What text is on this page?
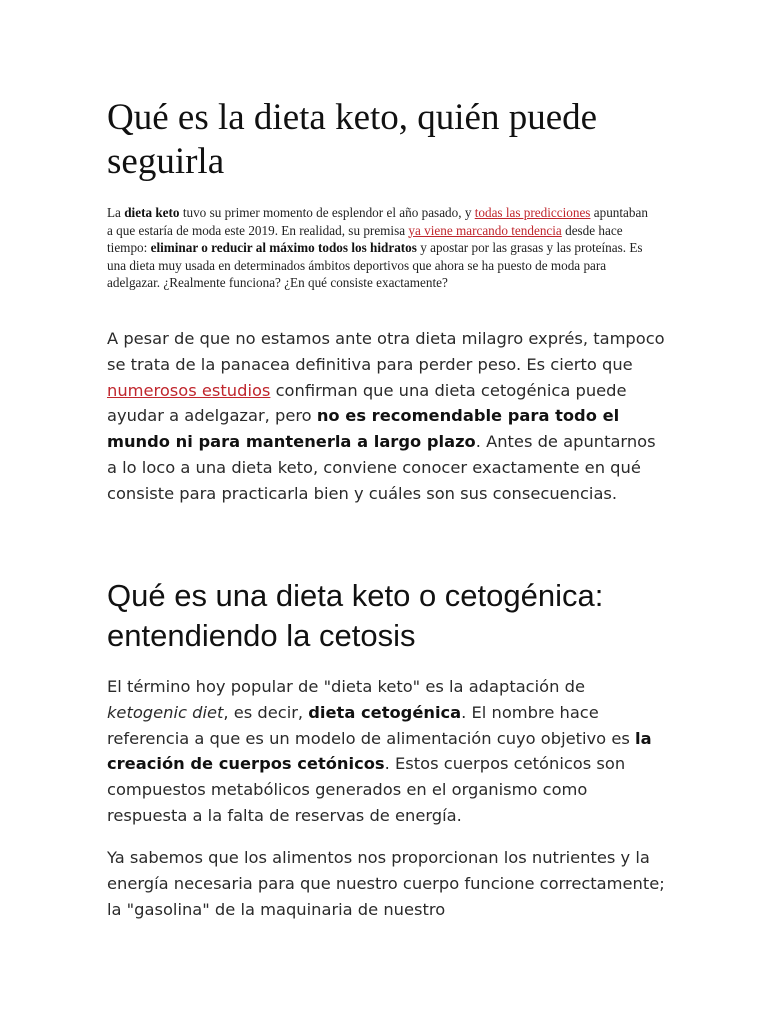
Qué es la dieta keto, quién puede seguirla

La dieta keto tuvo su primer momento de esplendor el año pasado, y todas las predicciones apuntaban a que estaría de moda este 2019. En realidad, su premisa ya viene marcando tendencia desde hace tiempo: eliminar o reducir al máximo todos los hidratos y apostar por las grasas y las proteínas. Es una dieta muy usada en determinados ámbitos deportivos que ahora se ha puesto de moda para adelgazar. ¿Realmente funciona? ¿En qué consiste exactamente?

A pesar de que no estamos ante otra dieta milagro exprés, tampoco se trata de la panacea definitiva para perder peso. Es cierto que numerosos estudios confirman que una dieta cetogénica puede ayudar a adelgazar, pero no es recomendable para todo el mundo ni para mantenerla a largo plazo. Antes de apuntarnos a lo loco a una dieta keto, conviene conocer exactamente en qué consiste para practicarla bien y cuáles son sus consecuencias.

Qué es una dieta keto o cetogénica: entendiendo la cetosis

El término hoy popular de "dieta keto" es la adaptación de ketogenic diet, es decir, dieta cetogénica. El nombre hace referencia a que es un modelo de alimentación cuyo objetivo es la creación de cuerpos cetónicos. Estos cuerpos cetónicos son compuestos metabólicos generados en el organismo como respuesta a la falta de reservas de energía.

Ya sabemos que los alimentos nos proporcionan los nutrientes y la energía necesaria para que nuestro cuerpo funcione correctamente; la "gasolina" de la maquinaria de nuestro
